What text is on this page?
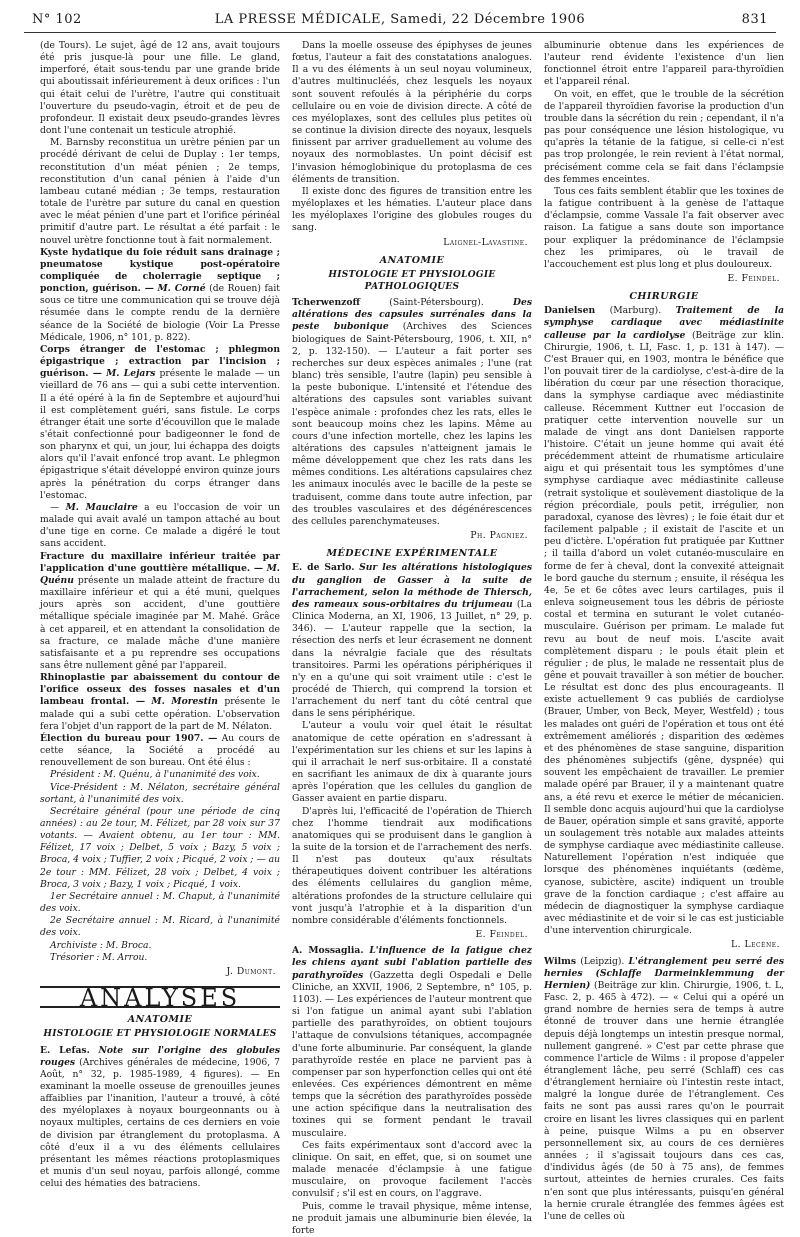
N° 102	LA PRESSE MÉDICALE, Samedi, 22 Décembre 1906	831

(de Tours). Le sujet, âgé de 12 ans, avait toujours été pris jusque-là pour une fille. Le gland, imperforé, était sous-tendu par une grande bride qui aboutissait inférieurement à deux orifices : l'un qui était celui de l'urètre, l'autre qui constituait l'ouverture du pseudo-vagin, étroit et de peu de profondeur. Il existait deux pseudo-grandes lèvres dont l'une contenait un testicule atrophié.

M. Barnsby reconstitua un urètre pénien par un procédé dérivant de celui de Duplay : 1er temps, reconstitution d'un méat pénien ; 2e temps, reconstitution d'un canal pénien à l'aide d'un lambeau cutané médian ; 3e temps, restauration totale de l'urètre par suture du canal en question avec le méat pénien d'une part et l'orifice périnéal primitif d'autre part. Le résultat a été parfait : le nouvel urètre fonctionne tout à fait normalement.

Kyste hydatique du foie réduit sans drainage ; pneumatose kystique post-opératoire compliquée de cholerragie septique ; ponction, guérison. — M. Corné (de Rouen) fait sous ce titre une communication qui se trouve déjà résumée dans le compte rendu de la dernière séance de la Société de biologie (Voir La Presse Médicale, 1906, n° 101, p. 822).

Corps étranger de l'estomac ; phlegmon épigastrique ; extraction par l'incision ; guérison. — M. Lejars présente le malade — un vieillard de 76 ans — qui a subi cette intervention. Il a été opéré à la fin de Septembre et aujourd'hui il est complètement guéri, sans fistule. Le corps étranger était une sorte d'écouvillon que le malade s'était confectionné pour badigeonner le fond de son pharynx et qui, un jour, lui échappa des doigts alors qu'il l'avait enfoncé trop avant. Le phlegmon épigastrique s'était développé environ quinze jours après la pénétration du corps étranger dans l'estomac.

— M. Mauclaire a eu l'occasion de voir un malade qui avait avalé un tampon attaché au bout d'une tige en corne. Ce malade a digéré le tout sans accident.

Fracture du maxillaire inférieur traitée par l'application d'une gouttière métallique. — M. Quénu présente un malade atteint de fracture du maxillaire inférieur et qui a été muni, quelques jours après son accident, d'une gouttière métallique spéciale imaginée par M. Mahé. Grâce à cet appareil, et en attendant la consolidation de sa fracture, ce malade mâche d'une manière satisfaisante et a pu reprendre ses occupations sans être nullement gêné par l'appareil.

Rhinoplastie par abaissement du contour de l'orifice osseux des fosses nasales et d'un lambeau frontal. — M. Morestin présente le malade qui a subi cette opération. L'observation fera l'objet d'un rapport de la part de M. Nélaton.

Élection du bureau pour 1907. — Au cours de cette séance, la Société a procédé au renouvellement de son bureau. Ont été élus :

Président : M. Quénu, à l'unanimité des voix.

Vice-Président : M. Nélaton, secrétaire général sortant, à l'unanimité des voix.

Secrétaire général (pour une période de cinq années) : au 2e tour, M. Félizet, par 28 voix sur 37 votants. — Avaient obtenu, au 1er tour : MM. Félizet, 17 voix ; Delbet, 5 voix ; Bazy, 5 voix ; Broca, 4 voix ; Tuffier, 2 voix ; Picqué, 2 voix ; — au 2e tour : MM. Félizet, 28 voix ; Delbet, 4 voix ; Broca, 3 voix ; Bazy, 1 voix ; Picqué, 1 voix.

1er Secrétaire annuel : M. Chaput, à l'unanimité des voix.

2e Secrétaire annuel : M. Ricard, à l'unanimité des voix.

Archiviste : M. Broca.

Trésorier : M. Arrou.

J. Dumont.
ANALYSES
ANATOMIE
HISTOLOGIE ET PHYSIOLOGIE NORMALES

E. Lefas. Note sur l'origine des globules rouges (Archives générales de médecine, 1906, 7 Août, n° 32, p. 1985-1989, 4 figures). — En examinant la moelle osseuse de grenouilles jeunes affaiblies par l'inanition, l'auteur a trouvé, à côté des myéloplaxes à noyaux bourgeonnants ou à noyaux multiples, certains de ces derniers en voie de division par étranglement du protoplasma. A côté d'eux il a vu des éléments cellulaires présentant les mêmes réactions protoplasmiques et munis d'un seul noyau, parfois allongé, comme celui des hématies des batraciens.

Dans la moelle osseuse des épiphyses de jeunes fœtus, l'auteur a fait des constatations analogues. Il a vu des éléments à un seul noyau volumineux, d'autres multinucléés, chez lesquels les noyaux sont souvent refoulés à la périphérie du corps cellulaire ou en voie de division directe. A côté de ces myéloplaxes, sont des cellules plus petites où se continue la division directe des noyaux, lesquels finissent par arriver graduellement au volume des noyaux des normoblastes. Un point décisif est l'invasion hémoglobinique du protoplasma de ces éléments de transition.

Il existe donc des figures de transition entre les myéloplaxes et les hématies. L'auteur place dans les myéloplaxes l'origine des globules rouges du sang.

Laignel-Lavastine.
ANATOMIE
HISTOLOGIE ET PHYSIOLOGIE PATHOLOGIQUES

Tcherwenzoff	(Saint-Pétersbourg).	Des altérations des capsules surrénales dans la peste bubonique (Archives des Sciences biologiques de Saint-Pétersbourg, 1906, t. XII, n° 2, p. 132-150). — L'auteur a fait porter ses recherches sur deux espèces animales ; l'une (rat blanc) très sensible, l'autre (lapin) peu sensible à la peste bubonique. L'intensité et l'étendue des altérations des capsules sont variables suivant l'espèce animale : profondes chez les rats, elles le sont beaucoup moins chez les lapins. Même au cours d'une infection mortelle, chez les lapins les altérations des capsules n'atteignent jamais le même développement que chez les rats dans les mêmes conditions. Les altérations capsulaires chez les animaux inoculés avec le bacille de la peste se traduisent, comme dans toute autre infection, par des troubles vasculaires et des dégénérescences des cellules parenchymateuses.

Ph. Pagniez.
MÉDECINE EXPÉRIMENTALE

E. de Sarlo. Sur les altérations histologiques du ganglion de Gasser à la suite de l'arrachement, selon la méthode de Thiersch, des rameaux sous-orbitaires du trijumeau (La Clinica Moderna, an XI, 1906, 13 Juillet, n° 29, p. 346). — L'auteur rappelle que la section, la résection des nerfs et leur écrasement ne donnent dans la névralgie faciale que des résultats transitoires. Parmi les opérations périphériques il n'y en a qu'une qui soit vraiment utile : c'est le procédé de Thierch, qui comprend la torsion et l'arrachement du nerf tant du côté central que dans le sens périphérique.

L'auteur a voulu voir quel était le résultat anatomique de cette opération en s'adressant à l'expérimentation sur les chiens et sur les lapins à qui il arrachait le nerf sus-orbitaire. Il a constaté en sacrifiant les animaux de dix à quarante jours après l'opération que les cellules du ganglion de Gasser avaient en partie disparu.

D'après lui, l'efficacité de l'opération de Thierch chez l'homme tiendrait aux modifications anatomiques qui se produisent dans le ganglion à la suite de la torsion et de l'arrachement des nerfs. Il n'est pas douteux qu'aux résultats thérapeutiques doivent contribuer les altérations des éléments cellulaires du ganglion même, altérations profondes de la structure cellulaire qui vont jusqu'à l'atrophie et à la disparition d'un nombre considérable d'éléments fonctionnels.

E. Feindel.

A. Mossaglia. L'influence de la fatigue chez les chiens ayant subi l'ablation partielle des parathyroïdes (Gazzetta degli Ospedali e Delle Cliniche, an XXVII, 1906, 2 Septembre, n° 105, p. 1103). — Les expériences de l'auteur montrent que si l'on fatigue un animal ayant subi l'ablation partielle des parathyroïdes, on obtient toujours l'attaque de convulsions tétaniques, accompagnée d'une forte albuminurie. Par conséquent, la glande parathyroïde restée en place ne parvient pas à compenser par son hyperfonction celles qui ont été enlevées. Ces expériences démontrent en même temps que la sécrétion des parathyroïdes possède une action spécifique dans la neutralisation des toxines qui se forment pendant le travail musculaire.

Ces faits expérimentaux sont d'accord avec la clinique. On sait, en effet, que, si on soumet une malade menacée d'éclampsie à une fatigue musculaire, on provoque facilement l'accès convulsif ; s'il est en cours, on l'aggrave.

Puis, comme le travail physique, même intense, ne produit jamais une albuminurie bien élevée, la forte

albuminurie obtenue dans les expériences de l'auteur rend évidente l'existence d'un lien fonctionnel étroit entre l'appareil para-thyroïdien et l'appareil rénal.

On voit, en effet, que le trouble de la sécrétion de l'appareil thyroïdien favorise la production d'un trouble dans la sécrétion du rein ; cependant, il n'a pas pour conséquence une lésion histologique, vu qu'après la tétanie de la fatigue, si celle-ci n'est pas trop prolongée, le rein revient à l'état normal, précisément comme cela se fait dans l'éclampsie des femmes enceintes.

Tous ces faits semblent établir que les toxines de la fatigue contribuent à la genèse de l'attaque d'éclampsie, comme Vassale l'a fait observer avec raison. La fatigue a sans doute son importance pour expliquer la prédominance de l'éclampsie chez les primipares, où le travail de l'accouchement est plus long et plus douloureux.

E. Feindel.
CHIRURGIE

Danielsen (Marburg). Traitement de la symphyse cardiaque avec médiastinite calleuse par la cardiolyse (Beiträge zur klin. Chirurgie, 1906, t. LI, Fasc. 1, p. 131 à 147). — C'est Brauer qui, en 1903, montra le bénéfice que l'on pouvait tirer de la cardiolyse, c'est-à-dire de la libération du cœur par une résection thoracique, dans la symphyse cardiaque avec médiastinite calleuse. Récemment Kuttner eut l'occasion de pratiquer cette intervention nouvelle sur un malade de vingt ans dont Danielsen rapporte l'histoire. C'était un jeune homme qui avait été précédemment atteint de rhumatisme articulaire aigu et qui présentait tous les symptômes d'une symphyse cardiaque avec médiastinite calleuse (retrait systolique et soulèvement diastolique de la région précordiale, pouls petit, irrégulier, non paradoxal, cyanose des lèvres) ; le foie était dur et facilement palpable ; il existait de l'ascite et un peu d'ictère. L'opération fut pratiquée par Kuttner ; il tailla d'abord un volet cutanéo-musculaire en forme de fer à cheval, dont la convexité atteignait le bord gauche du sternum ; ensuite, il réséqua les 4e, 5e et 6e côtes avec leurs cartilages, puis il enleva soigneusement tous les débris de périoste costal et termina en suturant le volet cutanéo-musculaire. Guérison per primam. Le malade fut revu au bout de neuf mois. L'ascite avait complètement disparu ; le pouls était plein et régulier ; de plus, le malade ne ressentait plus de gêne et pouvait travailler à son métier de boucher. Le résultat est donc des plus encourageants. Il existe actuellement 9 cas publiés de cardiolyse (Brauer, Umber, von Beck, Meyer, Westfeld) ; tous les malades ont guéri de l'opération et tous ont été extrêmement améliorés ; disparition des œdèmes et des phénomènes de stase sanguine, disparition des phénomènes subjectifs (gêne, dyspnée) qui souvent les empêchaient de travailler. Le premier malade opéré par Brauer, il y a maintenant quatre ans, a été revu et exerce le métier de mécanicien. Il semble donc acquis aujourd'hui que la cardiolyse de Bauer, opération simple et sans gravité, apporte un soulagement très notable aux malades atteints de symphyse cardiaque avec médiastinite calleuse. Naturellement l'opération n'est indiquée que lorsque des phénomènes inquiétants (œdème, cyanose, subictère, ascite) indiquent un trouble grave de la fonction cardiaque ; c'est affaire au médecin de diagnostiquer la symphyse cardiaque avec médiastinite et de voir si le cas est justiciable d'une intervention chirurgicale.

L. Lecène.

Wilms (Leipzig). L'étranglement peu serré des hernies (Schlaffe Darmeinklemmung der Hernien) (Beiträge zur klin. Chirurgie, 1906, t. L, Fasc. 2, p. 465 à 472). — « Celui qui a opéré un grand nombre de hernies sera de temps à autre étonné de trouver dans une hernie étranglée depuis déjà longtemps un intestin presque normal, nullement gangrené. » C'est par cette phrase que commence l'article de Wilms : il propose d'appeler étranglement lâche, peu serré (Schlaff) ces cas d'étranglement herniaire où l'intestin reste intact, malgré la longue durée de l'étranglement. Ces faits ne sont pas aussi rares qu'on le pourrait croire en lisant les livres classiques qui en parlent à peine, puisque Wilms a pu en observer personnellement six, au cours de ces dernières années ; il s'agissait toujours dans ces cas, d'individus âgés (de 50 à 75 ans), de femmes surtout, atteintes de hernies crurales. Ces faits n'en sont que plus intéressants, puisqu'en général la hernie crurale étranglée des femmes âgées est l'une de celles où
